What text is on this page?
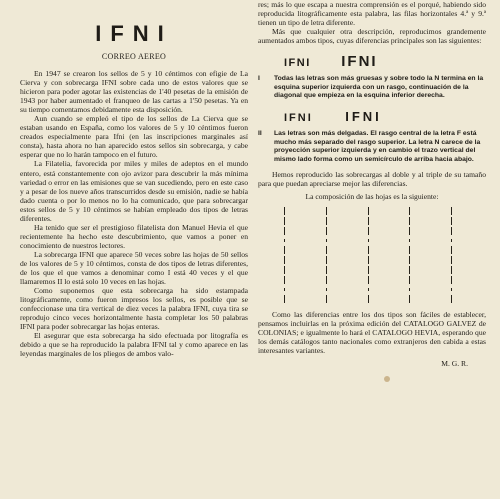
IFNI
CORREO AEREO

En 1947 se crearon los sellos de 5 y 10 céntimos con efigie de La Cierva y con sobrecarga IFNI sobre cada uno de estos valores que se hicieron para poder agotar las existencias de 1'40 pesetas de la emisión de 1943 por haber aumentado el franqueo de las cartas a 1'50 pesetas. Ya en su tiempo comentamos debidamente esta disposición.

Aun cuando se empleó el tipo de los sellos de La Cierva que se estaban usando en España, como los valores de 5 y 10 céntimos fueron creados especialmente para Ifni (en las inscripciones marginales así consta), hasta ahora no han aparecido estos sellos sin sobrecarga, y cabe esperar que no lo harán tampoco en el futuro.

La Filatelia, favorecida por miles y miles de adeptos en el mundo entero, está constantemente con ojo avizor para descubrir la más mínima variedad o error en las emisiones que se van sucediendo, pero en este caso y a pesar de los nueve años transcurridos desde su emisión, nadie se había dado cuenta o por lo menos no lo ha comunicado, que para sobrecargar estos sellos de 5 y 10 céntimos se habían empleado dos tipos de letras diferentes.

Ha tenido que ser el prestigioso filatelista don Manuel Hevia el que recientemente ha hecho este descubrimiento, que vamos a poner en conocimiento de nuestros lectores.

La sobrecarga IFNI que aparece 50 veces sobre las hojas de 50 sellos de los valores de 5 y 10 céntimos, consta de dos tipos de letras diferentes, de los que el que vamos a denominar como I está 40 veces y el que llamaremos II lo está solo 10 veces en las hojas.

Como suponemos que esta sobrecarga ha sido estampada litográficamente, como fueron impresos los sellos, es posible que se confeccionase una tira vertical de diez veces la palabra IFNI, cuya tira se reprodujo cinco veces horizontalmente hasta completar los 50 palabras IFNI para poder sobrecargar las hojas enteras.

El asegurar que esta sobrecarga ha sido efectuada por litografía es debido a que se ha reproducido la palabra IFNI tal y como aparece en las leyendas marginales de los pliegos de ambos valo-

res; más lo que escapa a nuestra comprensión es el porqué, habiendo sido reproducida litográficamente esta palabra, las filas horizontales 4.ª y 9.ª tienen un tipo de letra diferente.

Más que cualquier otra descripción, reproducimos grandemente aumentados ambos tipos, cuyas diferencias principales son las siguientes:

IFNI IFNI
I	Todas las letras son más gruesas y sobre todo la N termina en la esquina superior izquierda con un rasgo, continuación de la diagonal que empieza en la esquina inferior derecha.
IFNI IFNI
II	Las letras son más delgadas. El rasgo central de la letra F está mucho más separado del rasgo superior. La letra N carece de la proyección superior izquierda y en cambio el trazo vertical del mismo lado forma como un semicírculo de arriba hacia abajo.

Hemos reproducido las sobrecargas al doble y al triple de su tamaño para que puedan apreciarse mejor las diferencias.

La composición de las hojas es la siguiente:

Como las diferencias entre los dos tipos son fáciles de establecer, pensamos incluirlas en la próxima edición del CATALOGO GALVEZ de COLONIAS; e igualmente lo hará el CATALOGO HEVIA, esperando que los demás catálogos tanto nacionales como extranjeros den cabida a estas interesantes variantes.

M. G. R.
